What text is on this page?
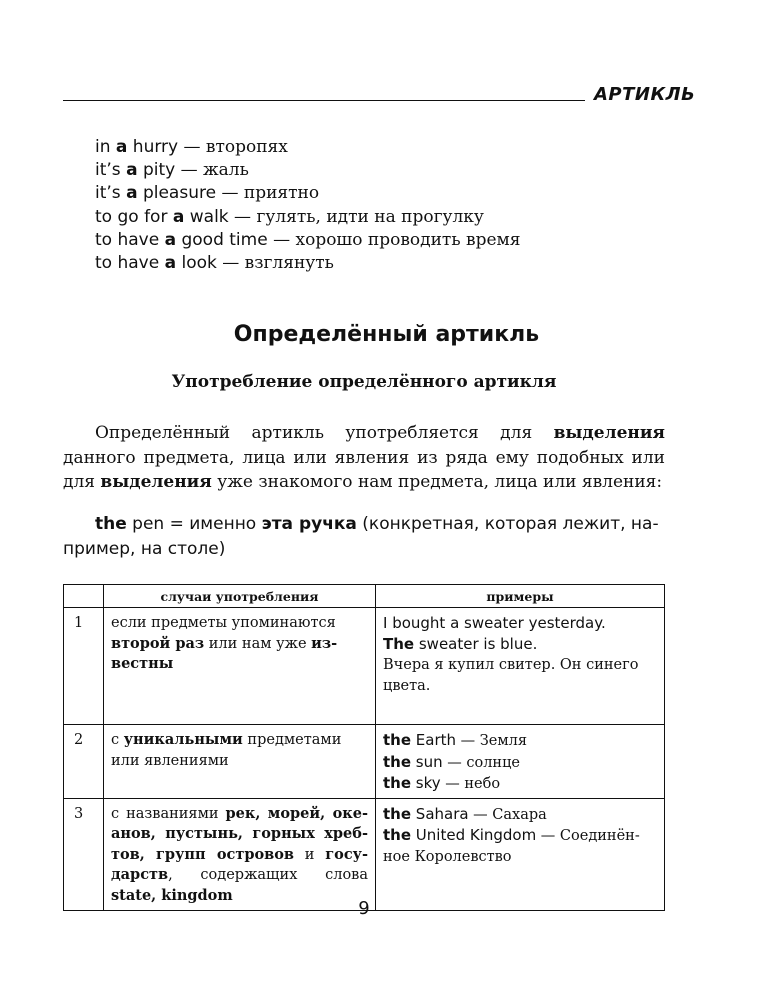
АРТИКЛЬ
in a hurry — второпях
it’s a pity — жаль
it’s a pleasure — приятно
to go for a walk — гулять, идти на прогулку
to have a good time — хорошо проводить время
to have a look — взглянуть
Определённый артикль
Употребление определённого артикля
Определённый артикль употребляется для выделения данного предмета, лица или явления из ряда ему подобных или для выделения уже знакомого нам предмета, лица или явления:
the pen = именно эта ручка (конкретная, которая лежит, например, на столе)
	случаи употребления	примеры
1	если предметы упоминаются второй раз или нам уже известны	I bought a sweater yesterday.
The sweater is blue.
Вчера я купил свитер. Он синего цвета.

2	с уникальными предметами или явлениями	the Earth — Земля
the sun — солнце
the sky — небо

3	с названиями рек, морей, океанов, пустынь, горных хребтов, групп островов и государств, содержащих слова state, kingdom	the Sahara — Сахара
the United Kingdom — Соединённое Королевство
9
